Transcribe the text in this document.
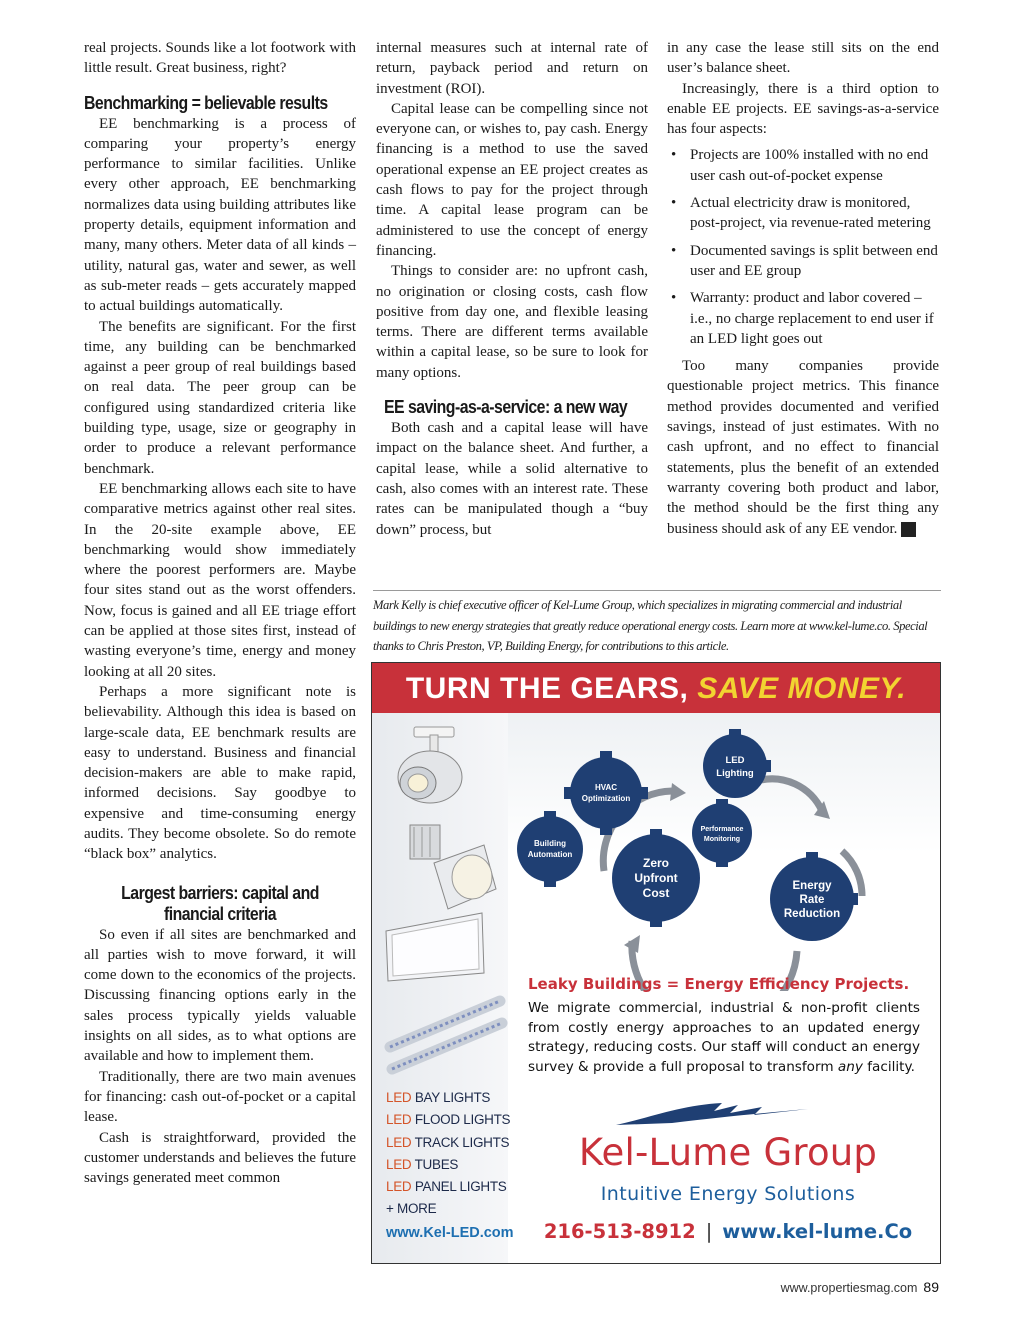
real projects. Sounds like a lot footwork with little result. Great business, right?

Benchmarking = believable results

EE benchmarking is a process of comparing your property’s energy performance to similar facilities. Unlike every other approach, EE benchmarking normalizes data using building attributes like property details, equipment information and many, many others. Meter data of all kinds – utility, natural gas, water and sewer, as well as sub-meter reads – gets accurately mapped to actual buildings automatically.

The benefits are significant. For the first time, any building can be benchmarked against a peer group of real buildings based on real data. The peer group can be configured using standardized criteria like building type, usage, size or geography in order to produce a relevant performance benchmark.

EE benchmarking allows each site to have comparative metrics against other real sites. In the 20-site example above, EE benchmarking would show immediately where the poorest performers are. Maybe four sites stand out as the worst offenders. Now, focus is gained and all EE triage effort can be applied at those sites first, instead of wasting everyone’s time, energy and money looking at all 20 sites.

Perhaps a more significant note is believability. Although this idea is based on large-scale data, EE benchmark results are easy to understand. Business and financial decision-makers are able to make rapid, informed decisions. Say goodbye to expensive and time-consuming energy audits. They become obsolete. So do remote “black box” analytics.

Largest barriers: capital and financial criteria

So even if all sites are benchmarked and all parties wish to move forward, it will come down to the economics of the projects. Discussing financing options early in the sales process typically yields valuable insights on all sides, as to what options are available and how to implement them.

Traditionally, there are two main avenues for financing: cash out-of-pocket or a capital lease.

Cash is straightforward, provided the customer understands and believes the future savings generated meet common

internal measures such at internal rate of return, payback period and return on investment (ROI).

Capital lease can be compelling since not everyone can, or wishes to, pay cash. Energy financing is a method to use the saved operational expense an EE project creates as cash flows to pay for the project through time. A capital lease program can be administered to use the concept of energy financing.

Things to consider are: no upfront cash, no origination or closing costs, cash flow positive from day one, and flexible leasing terms. There are different terms available within a capital lease, so be sure to look for many options.

EE saving-as-a-service: a new way

Both cash and a capital lease will have impact on the balance sheet. And further, a capital lease, while a solid alternative to cash, also comes with an interest rate. These rates can be manipulated though a “buy down” process, but

in any case the lease still sits on the end user’s balance sheet.

Increasingly, there is a third option to enable EE projects. EE savings-as-a-service has four aspects:

• Projects are 100% installed with no end user cash out-of-pocket expense
• Actual electricity draw is monitored, post-project, via revenue-rated metering
• Documented savings is split between end user and EE group
• Warranty: product and labor covered – i.e., no charge replacement to end user if an LED light goes out

Too many companies provide questionable project metrics. This finance method provides documented and verified savings, instead of just estimates. With no cash upfront, and no effect to financial statements, plus the benefit of an extended warranty covering both product and labor, the method should be the first thing any business should ask of any EE vendor. P

Mark Kelly is chief executive officer of Kel-Lume Group, which specializes in migrating commercial and industrial buildings to new energy strategies that greatly reduce operational energy costs. Learn more at www.kel-lume.co. Special thanks to Chris Preston, VP, Building Energy, for contributions to this article.
TURN THE GEARS, SAVE MONEY.
HVAC Optimization
LED Lighting
Building Automation
Performance Monitoring
Zero Upfront Cost	Energy Rate Reduction
Leaky Buildings = Energy Efficiency Projects.
We migrate commercial, industrial & non-profit clients from costly energy approaches to an updated energy strategy, reducing costs. Our staff will conduct an energy survey & provide a full proposal to transform any facility.
LED BAY LIGHTS
LED FLOOD LIGHTS
LED TRACK LIGHTS
LED TUBES
LED PANEL LIGHTS
+ MORE
www.Kel-LED.com
Kel-Lume Group
Intuitive Energy Solutions
216-513-8912 | www.kel-lume.Co
www.propertiesmag.com 89
